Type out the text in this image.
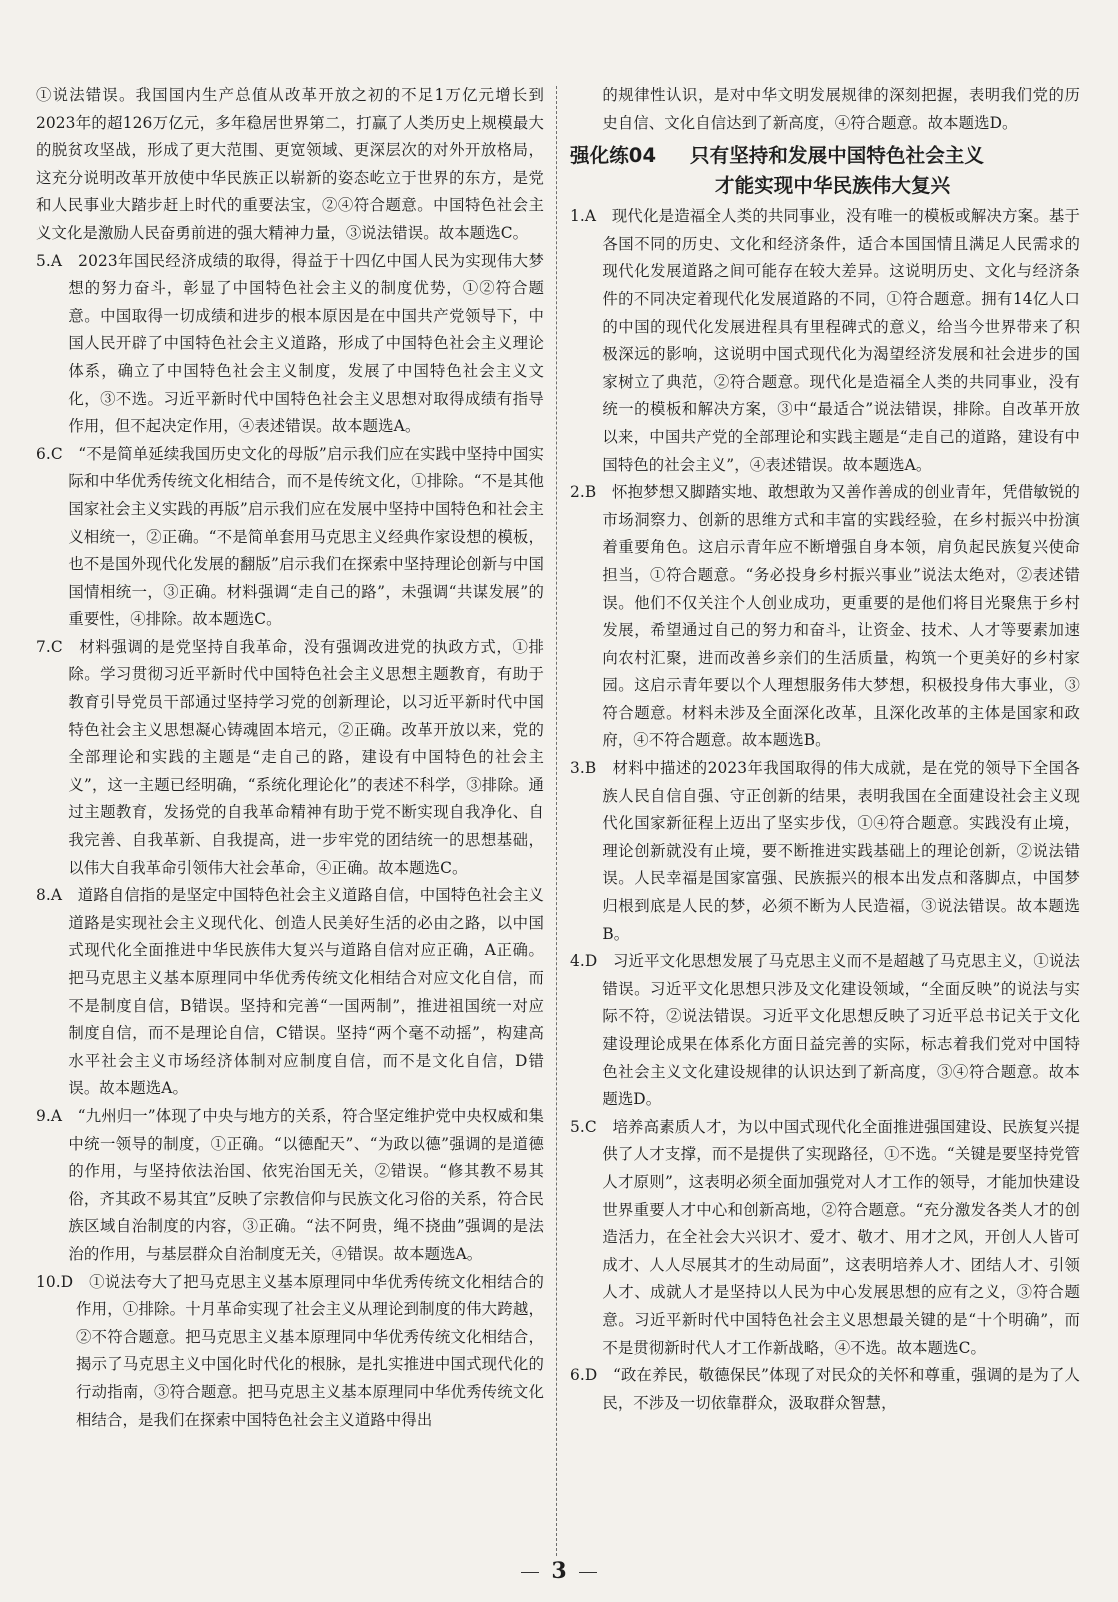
①说法错误。我国国内生产总值从改革开放之初的不足1万亿元增长到2023年的超126万亿元，多年稳居世界第二，打赢了人类历史上规模最大的脱贫攻坚战，形成了更大范围、更宽领域、更深层次的对外开放格局，这充分说明改革开放使中华民族正以崭新的姿态屹立于世界的东方，是党和人民事业大踏步赶上时代的重要法宝，②④符合题意。中国特色社会主义文化是激励人民奋勇前进的强大精神力量，③说法错误。故本题选C。

5.A　2023年国民经济成绩的取得，得益于十四亿中国人民为实现伟大梦想的努力奋斗，彰显了中国特色社会主义的制度优势，①②符合题意。中国取得一切成绩和进步的根本原因是在中国共产党领导下，中国人民开辟了中国特色社会主义道路，形成了中国特色社会主义理论体系，确立了中国特色社会主义制度，发展了中国特色社会主义文化，③不选。习近平新时代中国特色社会主义思想对取得成绩有指导作用，但不起决定作用，④表述错误。故本题选A。

6.C　“不是简单延续我国历史文化的母版”启示我们应在实践中坚持中国实际和中华优秀传统文化相结合，而不是传统文化，①排除。“不是其他国家社会主义实践的再版”启示我们应在发展中坚持中国特色和社会主义相统一，②正确。“不是简单套用马克思主义经典作家设想的模板，也不是国外现代化发展的翻版”启示我们在探索中坚持理论创新与中国国情相统一，③正确。材料强调“走自己的路”，未强调“共谋发展”的重要性，④排除。故本题选C。

7.C　材料强调的是党坚持自我革命，没有强调改进党的执政方式，①排除。学习贯彻习近平新时代中国特色社会主义思想主题教育，有助于教育引导党员干部通过坚持学习党的创新理论，以习近平新时代中国特色社会主义思想凝心铸魂固本培元，②正确。改革开放以来，党的全部理论和实践的主题是“走自己的路，建设有中国特色的社会主义”，这一主题已经明确，“系统化理论化”的表述不科学，③排除。通过主题教育，发扬党的自我革命精神有助于党不断实现自我净化、自我完善、自我革新、自我提高，进一步牢党的团结统一的思想基础，以伟大自我革命引领伟大社会革命，④正确。故本题选C。

8.A　道路自信指的是坚定中国特色社会主义道路自信，中国特色社会主义道路是实现社会主义现代化、创造人民美好生活的必由之路，以中国式现代化全面推进中华民族伟大复兴与道路自信对应正确，A正确。把马克思主义基本原理同中华优秀传统文化相结合对应文化自信，而不是制度自信，B错误。坚持和完善“一国两制”，推进祖国统一对应制度自信，而不是理论自信，C错误。坚持“两个毫不动摇”，构建高水平社会主义市场经济体制对应制度自信，而不是文化自信，D错误。故本题选A。

9.A　“九州归一”体现了中央与地方的关系，符合坚定维护党中央权威和集中统一领导的制度，①正确。“以德配天”、“为政以德”强调的是道德的作用，与坚持依法治国、依宪治国无关，②错误。“修其教不易其俗，齐其政不易其宜”反映了宗教信仰与民族文化习俗的关系，符合民族区域自治制度的内容，③正确。“法不阿贵，绳不挠曲”强调的是法治的作用，与基层群众自治制度无关，④错误。故本题选A。

10.D　①说法夸大了把马克思主义基本原理同中华优秀传统文化相结合的作用，①排除。十月革命实现了社会主义从理论到制度的伟大跨越，②不符合题意。把马克思主义基本原理同中华优秀传统文化相结合，揭示了马克思主义中国化时代化的根脉，是扎实推进中国式现代化的行动指南，③符合题意。把马克思主义基本原理同中华优秀传统文化相结合，是我们在探索中国特色社会主义道路中得出

的规律性认识，是对中华文明发展规律的深刻把握，表明我们党的历史自信、文化自信达到了新高度，④符合题意。故本题选D。

强化练04 只有坚持和发展中国特色社会主义
才能实现中华民族伟大复兴

1.A　现代化是造福全人类的共同事业，没有唯一的模板或解决方案。基于各国不同的历史、文化和经济条件，适合本国国情且满足人民需求的现代化发展道路之间可能存在较大差异。这说明历史、文化与经济条件的不同决定着现代化发展道路的不同，①符合题意。拥有14亿人口的中国的现代化发展进程具有里程碑式的意义，给当今世界带来了积极深远的影响，这说明中国式现代化为渴望经济发展和社会进步的国家树立了典范，②符合题意。现代化是造福全人类的共同事业，没有统一的模板和解决方案，③中“最适合”说法错误，排除。自改革开放以来，中国共产党的全部理论和实践主题是“走自己的道路，建设有中国特色的社会主义”，④表述错误。故本题选A。

2.B　怀抱梦想又脚踏实地、敢想敢为又善作善成的创业青年，凭借敏锐的市场洞察力、创新的思维方式和丰富的实践经验，在乡村振兴中扮演着重要角色。这启示青年应不断增强自身本领，肩负起民族复兴使命担当，①符合题意。“务必投身乡村振兴事业”说法太绝对，②表述错误。他们不仅关注个人创业成功，更重要的是他们将目光聚焦于乡村发展，希望通过自己的努力和奋斗，让资金、技术、人才等要素加速向农村汇聚，进而改善乡亲们的生活质量，构筑一个更美好的乡村家园。这启示青年要以个人理想服务伟大梦想，积极投身伟大事业，③符合题意。材料未涉及全面深化改革，且深化改革的主体是国家和政府，④不符合题意。故本题选B。

3.B　材料中描述的2023年我国取得的伟大成就，是在党的领导下全国各族人民自信自强、守正创新的结果，表明我国在全面建设社会主义现代化国家新征程上迈出了坚实步伐，①④符合题意。实践没有止境，理论创新就没有止境，要不断推进实践基础上的理论创新，②说法错误。人民幸福是国家富强、民族振兴的根本出发点和落脚点，中国梦归根到底是人民的梦，必须不断为人民造福，③说法错误。故本题选B。

4.D　习近平文化思想发展了马克思主义而不是超越了马克思主义，①说法错误。习近平文化思想只涉及文化建设领域，“全面反映”的说法与实际不符，②说法错误。习近平文化思想反映了习近平总书记关于文化建设理论成果在体系化方面日益完善的实际，标志着我们党对中国特色社会主义文化建设规律的认识达到了新高度，③④符合题意。故本题选D。

5.C　培养高素质人才，为以中国式现代化全面推进强国建设、民族复兴提供了人才支撑，而不是提供了实现路径，①不选。“关键是要坚持党管人才原则”，这表明必须全面加强党对人才工作的领导，才能加快建设世界重要人才中心和创新高地，②符合题意。“充分激发各类人才的创造活力，在全社会大兴识才、爱才、敬才、用才之风，开创人人皆可成才、人人尽展其才的生动局面”，这表明培养人才、团结人才、引领人才、成就人才是坚持以人民为中心发展思想的应有之义，③符合题意。习近平新时代中国特色社会主义思想最关键的是“十个明确”，而不是贯彻新时代人才工作新战略，④不选。故本题选C。

6.D　“政在养民，敬德保民”体现了对民众的关怀和尊重，强调的是为了人民，不涉及一切依靠群众，汲取群众智慧，

3
